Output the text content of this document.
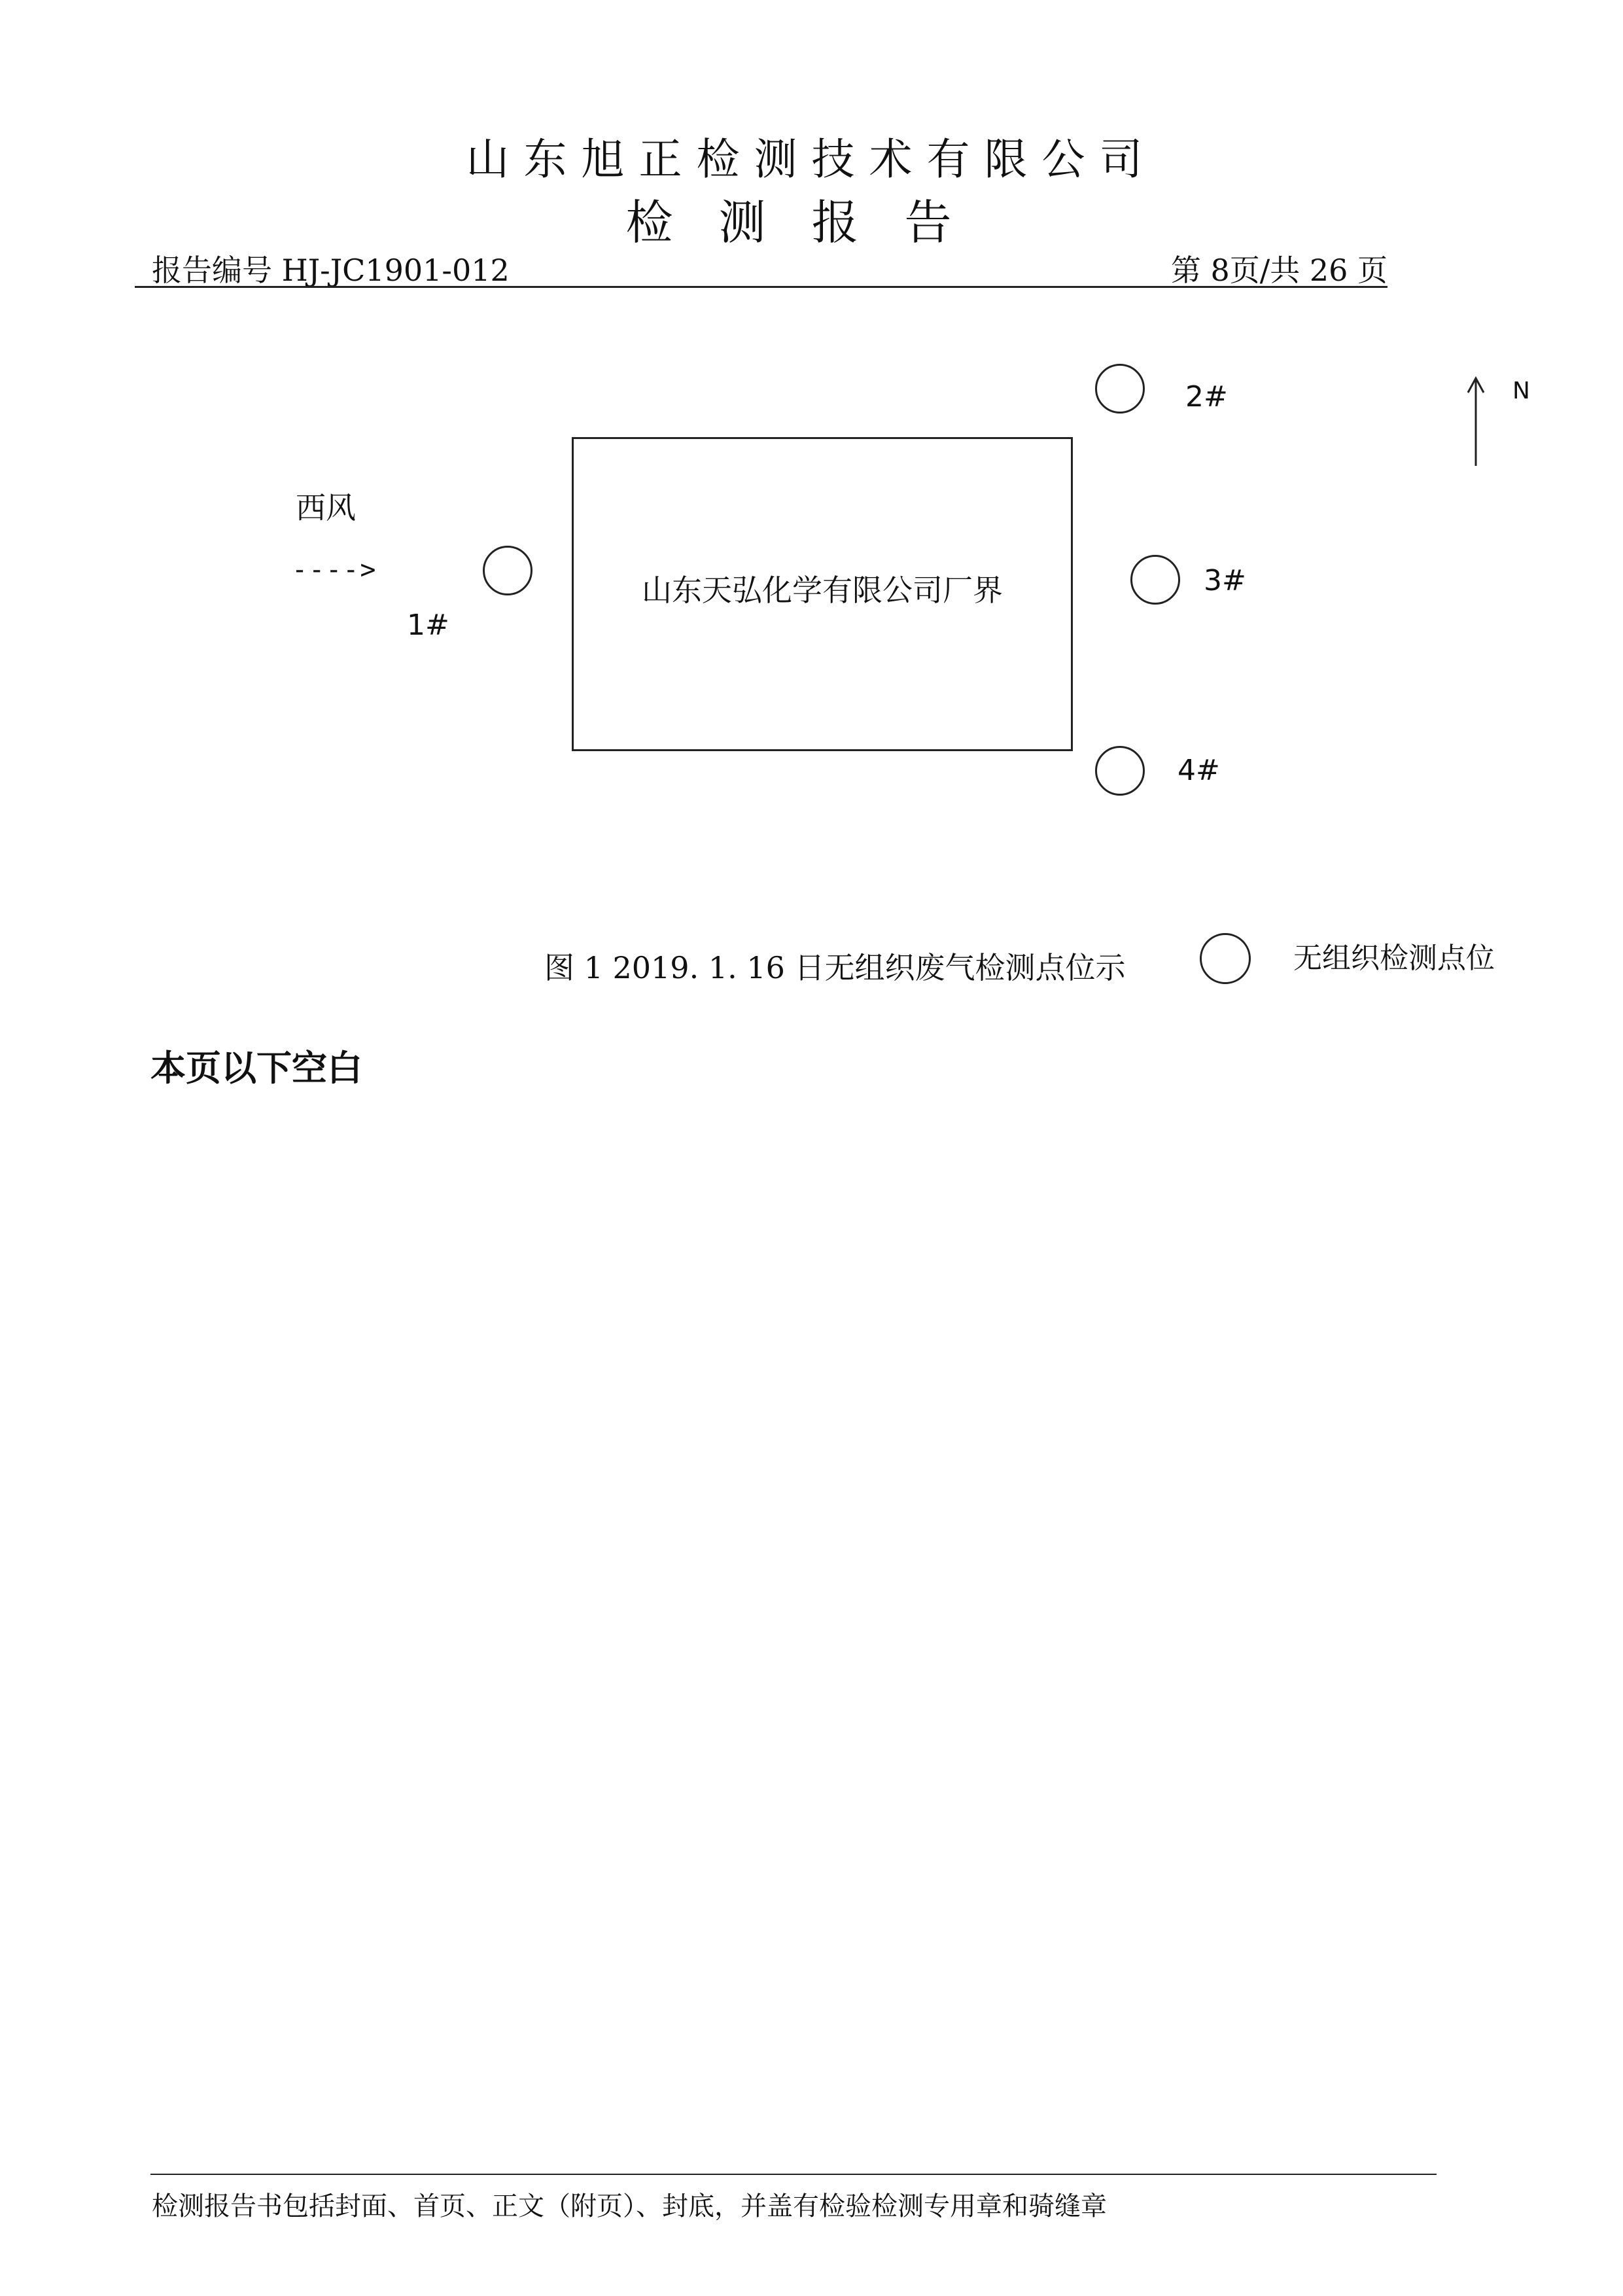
山东旭正检测技术有限公司
检测报告
报告编号 HJ-JC1901-012	第 8页/共 26 页
西风
---->
N
山东天弘化学有限公司厂界
1#
2#
3#
4#
图 1 2019. 1. 16 日无组织废气检测点位示	无组织检测点位
本页以下空白
检测报告书包括封面、首页、正文（附页）、封底，并盖有检验检测专用章和骑缝章
